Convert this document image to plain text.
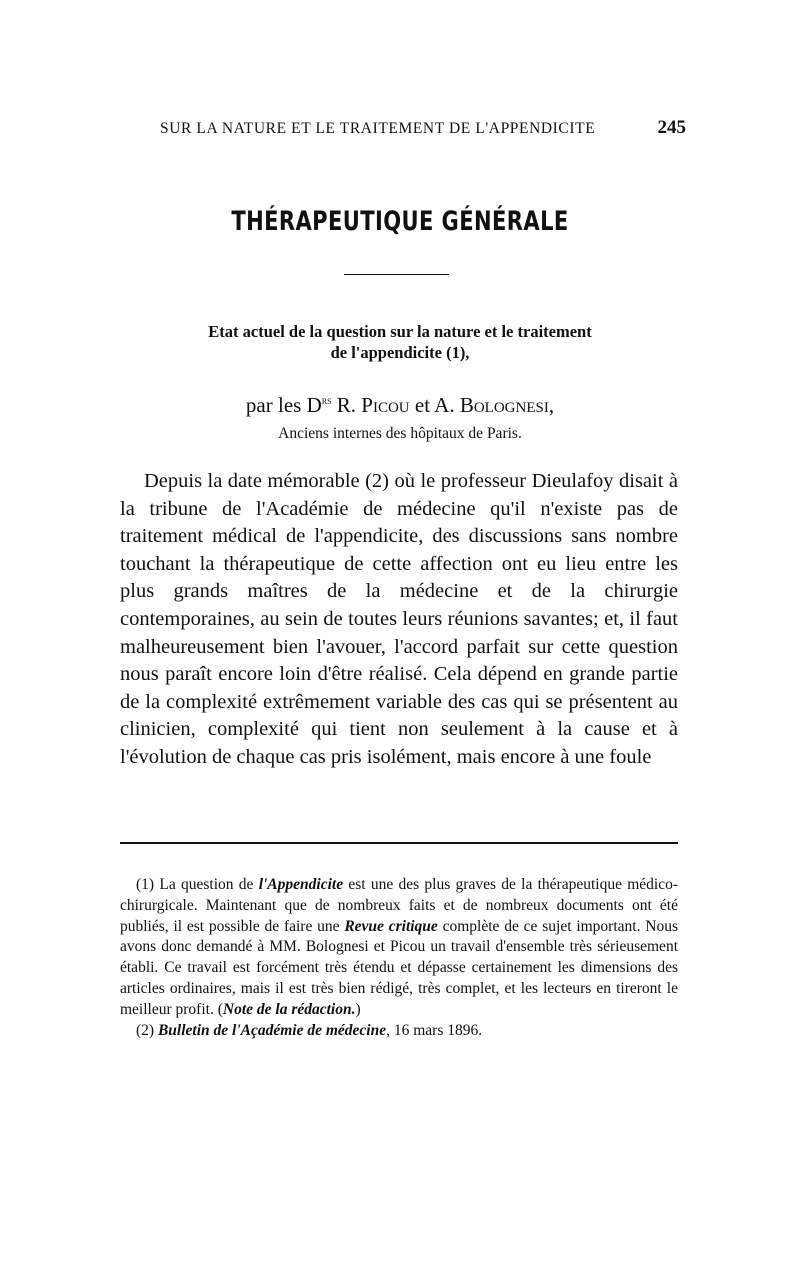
SUR LA NATURE ET LE TRAITEMENT DE L'APPENDICITE	245
THÉRAPEUTIQUE GÉNÉRALE
Etat actuel de la question sur la nature et le traitement
de l'appendicite (1),
par les $D^{rs}$ R. Picou et A. Bolognesi,
Anciens internes des hôpitaux de Paris.

Depuis la date mémorable (2) où le professeur Dieulafoy disait à la tribune de l'Académie de médecine qu'il n'existe pas de traitement médical de l'appendicite, des discussions sans nombre touchant la thérapeutique de cette affection ont eu lieu entre les plus grands maîtres de la médecine et de la chirurgie contemporaines, au sein de toutes leurs réunions savantes; et, il faut malheureusement bien l'avouer, l'accord parfait sur cette question nous paraît encore loin d'être réalisé. Cela dépend en grande partie de la complexité extrêmement variable des cas qui se présentent au clinicien, complexité qui tient non seulement à la cause et à l'évolution de chaque cas pris isolément, mais encore à une foule

(1) La question de l'Appendicite est une des plus graves de la thérapeutique médico-chirurgicale. Maintenant que de nombreux faits et de nombreux documents ont été publiés, il est possible de faire une Revue critique complète de ce sujet important. Nous avons donc demandé à MM. Bolognesi et Picou un travail d'ensemble très sérieusement établi. Ce travail est forcément très étendu et dépasse certainement les dimensions des articles ordinaires, mais il est très bien rédigé, très complet, et les lecteurs en tireront le meilleur profit. (Note de la rédaction.)

(2) Bulletin de l'Açadémie de médecine, 16 mars 1896.
